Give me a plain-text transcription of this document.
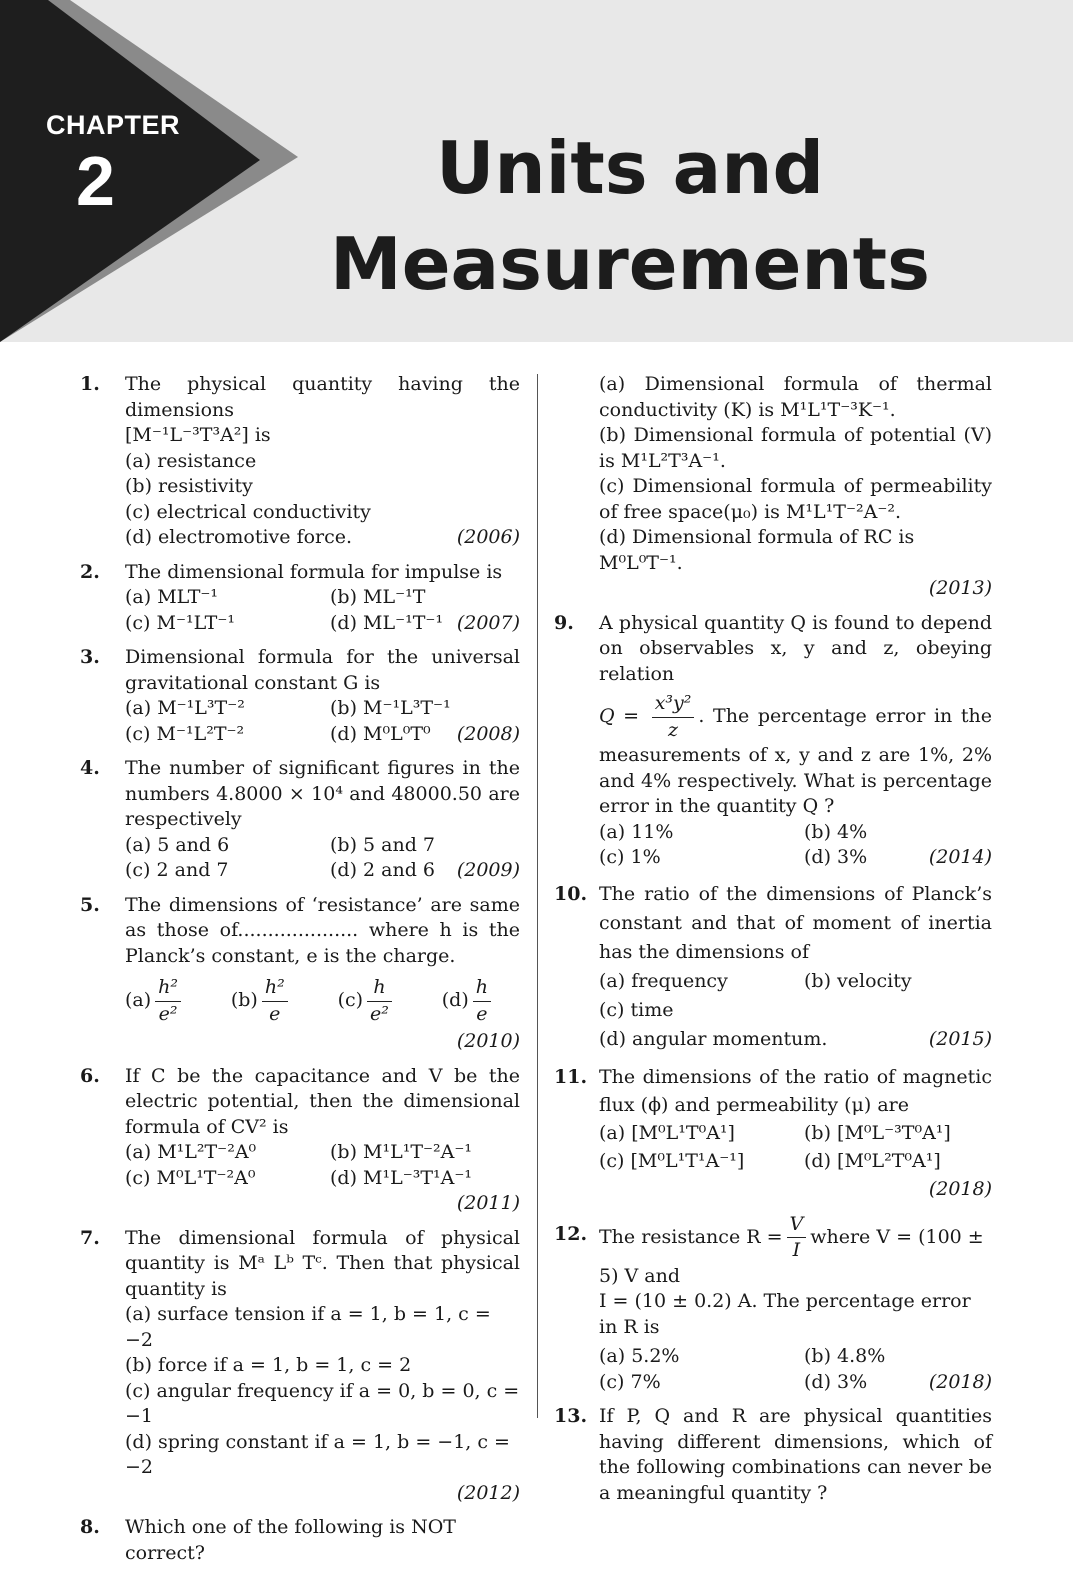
CHAPTER
2	Units and
Measurements
1. The physical quantity having the dimensions
[M⁻¹L⁻³T³A²] is
(a) resistance
(b) resistivity
(c) electrical conductivity
(d) electromotive force.	(2006)
2. The dimensional formula for impulse is
(a) MLT⁻¹	(b) ML⁻¹T
(c) M⁻¹LT⁻¹	(d) ML⁻¹T⁻¹ (2007)
3. Dimensional formula for the universal gravitational constant G is
(a) M⁻¹L³T⁻²	(b) M⁻¹L³T⁻¹
(c) M⁻¹L²T⁻²	(d) M⁰L⁰T⁰ (2008)
4. The number of significant figures in the numbers 4.8000 × 10⁴ and 48000.50 are respectively
(a) 5 and 6	(b) 5 and 7
(c) 2 and 7	(d) 2 and 6 (2009)
5. The dimensions of ‘resistance’ are same as those of.................... where h is the Planck’s constant, e is the charge.
$(a) \frac{\text{h²}}{\text{e²}}$	$(b) \frac{\text{h²}}{e}$	$(c) \frac{h}{\text{e²}}$	$(d) \frac{h}{e}$
(2010)
6. If C be the capacitance and V be the electric potential, then the dimensional formula of CV² is
(a) M¹L²T⁻²A⁰	(b) M¹L¹T⁻²A⁻¹
(c) M⁰L¹T⁻²A⁰	(d) M¹L⁻³T¹A⁻¹
(2011)
7. The dimensional formula of physical quantity is Mᵃ Lᵇ Tᶜ. Then that physical quantity is
(a) surface tension if a = 1, b = 1, c = −2
(b) force if a = 1, b = 1, c = 2
(c) angular frequency if a = 0, b = 0, c = −1
(d) spring constant if a = 1, b = −1, c = −2
(2012)
8. Which one of the following is NOT correct?
(a) Dimensional formula of thermal conductivity (K) is M¹L¹T⁻³K⁻¹.
(b) Dimensional formula of potential (V) is M¹L²T³A⁻¹.
(c) Dimensional formula of permeability of free space(μ₀) is M¹L¹T⁻²A⁻².
(d) Dimensional formula of RC is M⁰L⁰T⁻¹.
(2013)
9. A physical quantity Q is found to depend on observables x, y and z, obeying relation
$Q = \frac{\text{x³y²}}{z}$ . The percentage error in the measurements of x, y and z are 1%, 2% and 4% respectively. What is percentage error in the quantity Q ?
(a) 11%	(b) 4%
(c) 1%	(d) 3%	(2014)
10. The ratio of the dimensions of Planck’s constant and that of moment of inertia has the dimensions of
(a) frequency	(b) velocity
(c) time
(d) angular momentum.	(2015)
11. The dimensions of the ratio of magnetic flux (ϕ) and permeability (μ) are
(a) [M⁰L¹T⁰A¹]	(b) [M⁰L⁻³T⁰A¹]
(c) [M⁰L¹T¹A⁻¹]	(d) [M⁰L²T⁰A¹]
(2018)
12. The resistance $R = \frac{V}{I}$ where V = (100 ± 5) V and
I = (10 ± 0.2) A. The percentage error in R is
(a) 5.2%	(b) 4.8%
(c) 7%	(d) 3%	(2018)
13. If P, Q and R are physical quantities having different dimensions, which of the following combinations can never be a meaningful quantity ?
